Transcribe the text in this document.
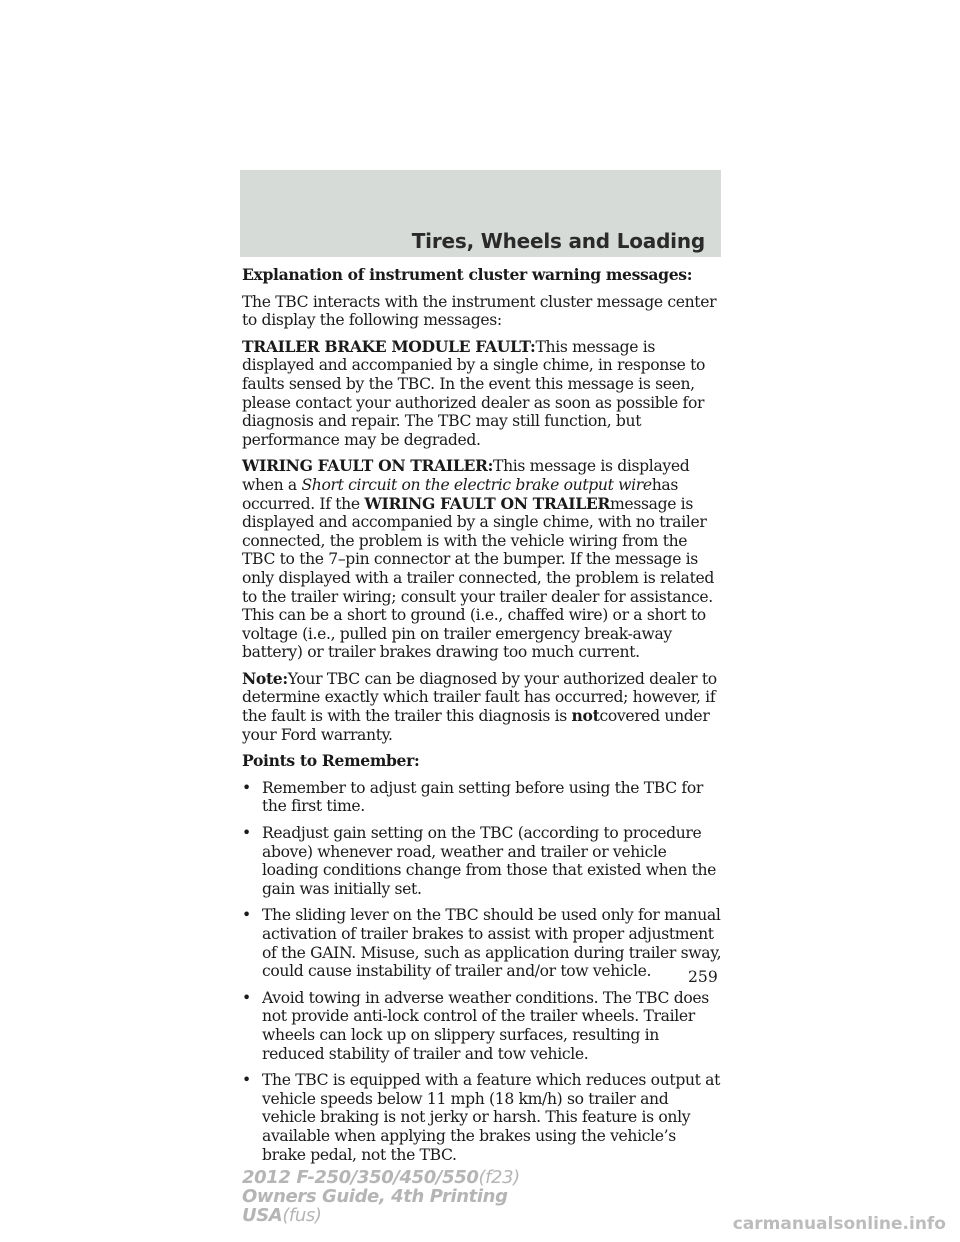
Tires, Wheels and Loading

Explanation of instrument cluster warning messages:

The TBC interacts with the instrument cluster message center to display the following messages:

TRAILER BRAKE MODULE FAULT:This message is displayed and accompanied by a single chime, in response to faults sensed by the TBC. In the event this message is seen, please contact your authorized dealer as soon as possible for diagnosis and repair. The TBC may still function, but performance may be degraded.

WIRING FAULT ON TRAILER:This message is displayed when a Short circuit on the electric brake output wirehas occurred. If the WIRING FAULT ON TRAILERmessage is displayed and accompanied by a single chime, with no trailer connected, the problem is with the vehicle wiring from the TBC to the 7–pin connector at the bumper. If the message is only displayed with a trailer connected, the problem is related to the trailer wiring; consult your trailer dealer for assistance. This can be a short to ground (i.e., chaffed wire) or a short to voltage (i.e., pulled pin on trailer emergency break-away battery) or trailer brakes drawing too much current.

Note:Your TBC can be diagnosed by your authorized dealer to determine exactly which trailer fault has occurred; however, if the fault is with the trailer this diagnosis is notcovered under your Ford warranty.

Points to Remember:

• Remember to adjust gain setting before using the TBC for the first time.
• Readjust gain setting on the TBC (according to procedure above) whenever road, weather and trailer or vehicle loading conditions change from those that existed when the gain was initially set.
• The sliding lever on the TBC should be used only for manual activation of trailer brakes to assist with proper adjustment of the GAIN. Misuse, such as application during trailer sway, could cause instability of trailer and/or tow vehicle.
• Avoid towing in adverse weather conditions. The TBC does not provide anti-lock control of the trailer wheels. Trailer wheels can lock up on slippery surfaces, resulting in reduced stability of trailer and tow vehicle.
• The TBC is equipped with a feature which reduces output at vehicle speeds below 11 mph (18 km/h) so trailer and vehicle braking is not jerky or harsh. This feature is only available when applying the brakes using the vehicle’s brake pedal, not the TBC.
259
2012 F-250/350/450/550(f23)
Owners Guide, 4th Printing
USA(fus)	carmanualsonline.info
